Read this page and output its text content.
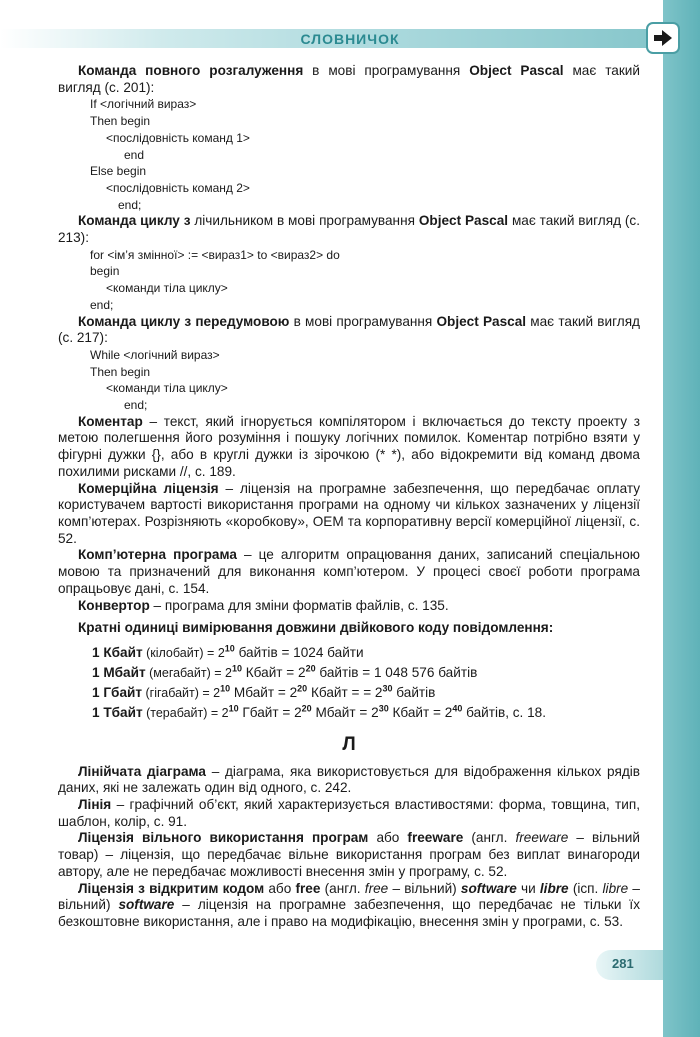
СЛОВНИЧОК

Команда повного розгалуження в мові програмування Object Pascal має такий вигляд (с. 201):

If <логічний вираз>
Then begin
<послідовність команд 1>
end
Else begin
<послідовність команд 2>
end;

Команда циклу з лічильником в мові програмування Object Pascal має такий вигляд (с. 213):

for <ім’я змінної> := <вираз1> to <вираз2> do
begin
<команди тіла циклу>
end;

Команда циклу з передумовою в мові програмування Object Pascal має такий вигляд (с. 217):

While <логічний вираз>
Then begin
<команди тіла циклу>
end;

Коментар – текст, який ігнорується компілятором і включається до тексту проекту з метою полегшення його розуміння і пошуку логічних помилок. Коментар потрібно взяти у фігурні дужки {}, або в круглі дужки із зірочкою (* *), або відокремити від команд двома похилими рисками //, с. 189.

Комерційна ліцензія – ліцензія на програмне забезпечення, що передбачає оплату користувачем вартості використання програми на одному чи кількох зазначених у ліцензії комп’ютерах. Розрізняють «коробкову», OEM та корпоративну версії комерційної ліцензії, с. 52.

Комп’ютерна програма – це алгоритм опрацювання даних, записаний спеціальною мовою та призначений для виконання комп’ютером. У процесі своєї роботи програма опрацьовує дані, с. 154.

Конвертор – програма для зміни форматів файлів, с. 135.

Кратні одиниці вимірювання довжини двійкового коду повідомлення:

1 Кбайт (кілобайт) = $2^{10}$ байтів = 1024 байти
1 Мбайт (мегабайт) = $2^{10}$ Кбайт = $2^{20}$ байтів = 1 048 576 байтів
1 Гбайт (гігабайт) = $2^{10}$ Мбайт = $2^{20}$ Кбайт = = $2^{30}$ байтів
1 Тбайт (терабайт) = $2^{10}$ Гбайт = $2^{20}$ Мбайт = $2^{30}$ Кбайт = $2^{40}$ байтів, с. 18.
Л

Лінійчата діаграма – діаграма, яка використовується для відображення кількох рядів даних, які не залежать один від одного, с. 242.

Лінія – графічний об’єкт, який характеризується властивостями: форма, товщина, тип, шаблон, колір, с. 91.

Ліцензія вільного використання програм або freeware (англ. freeware – вільний товар) – ліцензія, що передбачає вільне використання програм без виплат винагороди автору, але не передбачає можливості внесення змін у програму, с. 52.

Ліцензія з відкритим кодом або free (англ. free – вільний) software чи libre (ісп. libre – вільний) software – ліцензія на програмне забезпечення, що передбачає не тільки їх безкоштовне використання, але і право на модифікацію, внесення змін у програми, с. 53.

281
